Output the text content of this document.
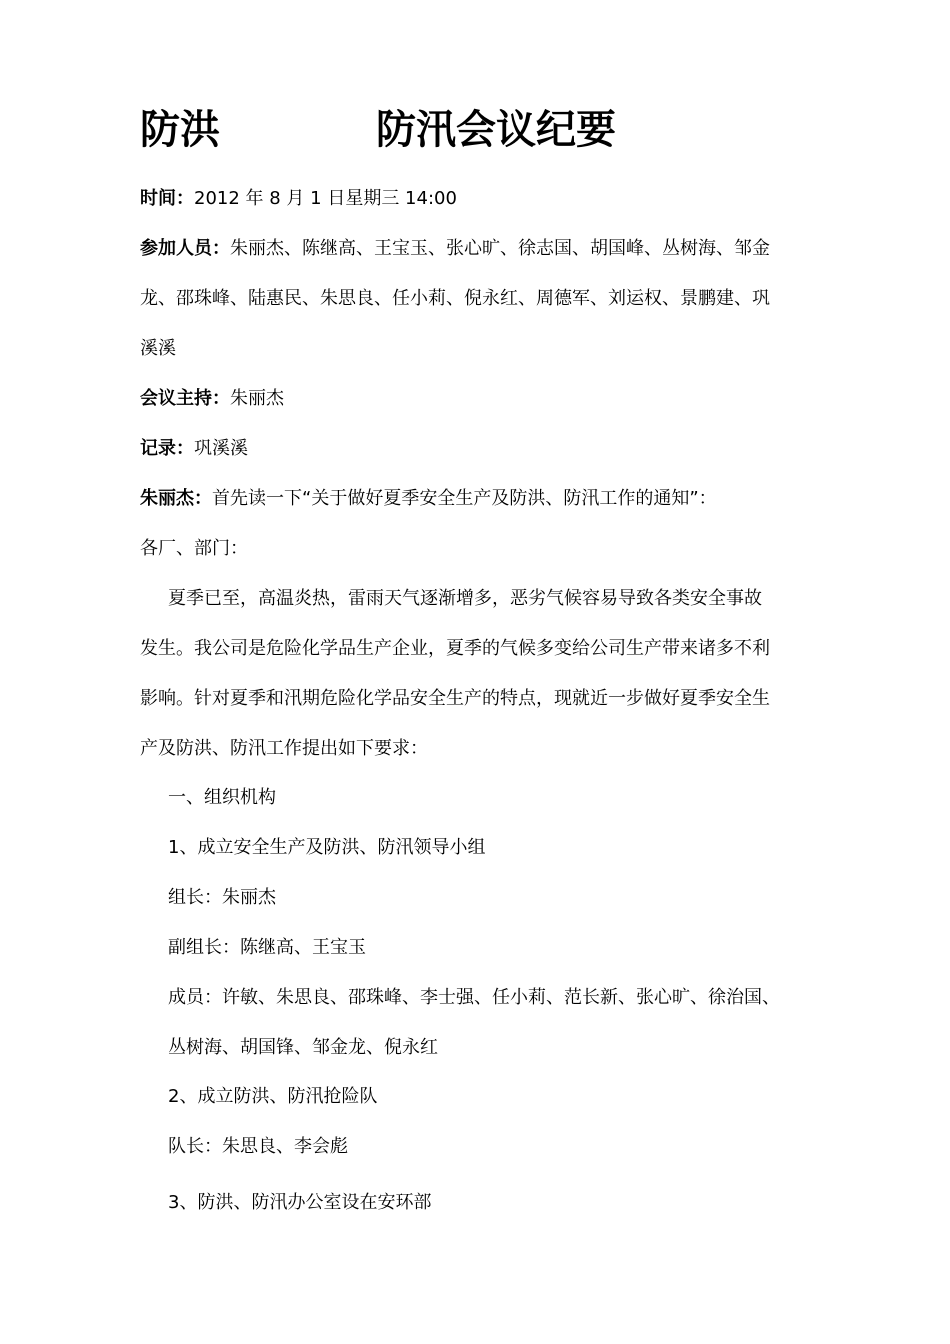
防洪	防汛会议纪要
时间：2012 年 8 月 1 日星期三 14:00
参加人员：朱丽杰、陈继高、王宝玉、张心旷、徐志国、胡国峰、丛树海、邹金
龙、邵珠峰、陆惠民、朱思良、任小莉、倪永红、周德军、刘运权、景鹏建、巩
溪溪
会议主持：朱丽杰
记录：巩溪溪
朱丽杰：首先读一下“关于做好夏季安全生产及防洪、防汛工作的通知”：
各厂、部门：
夏季已至，高温炎热，雷雨天气逐渐增多，恶劣气候容易导致各类安全事故
发生。我公司是危险化学品生产企业，夏季的气候多变给公司生产带来诸多不利
影响。针对夏季和汛期危险化学品安全生产的特点，现就近一步做好夏季安全生
产及防洪、防汛工作提出如下要求：
一、组织机构
1、成立安全生产及防洪、防汛领导小组
组长：朱丽杰
副组长：陈继高、王宝玉
成员：许敏、朱思良、邵珠峰、李士强、任小莉、范长新、张心旷、徐治国、
丛树海、胡国锋、邹金龙、倪永红
2、成立防洪、防汛抢险队
队长：朱思良、李会彪
3、防洪、防汛办公室设在安环部
